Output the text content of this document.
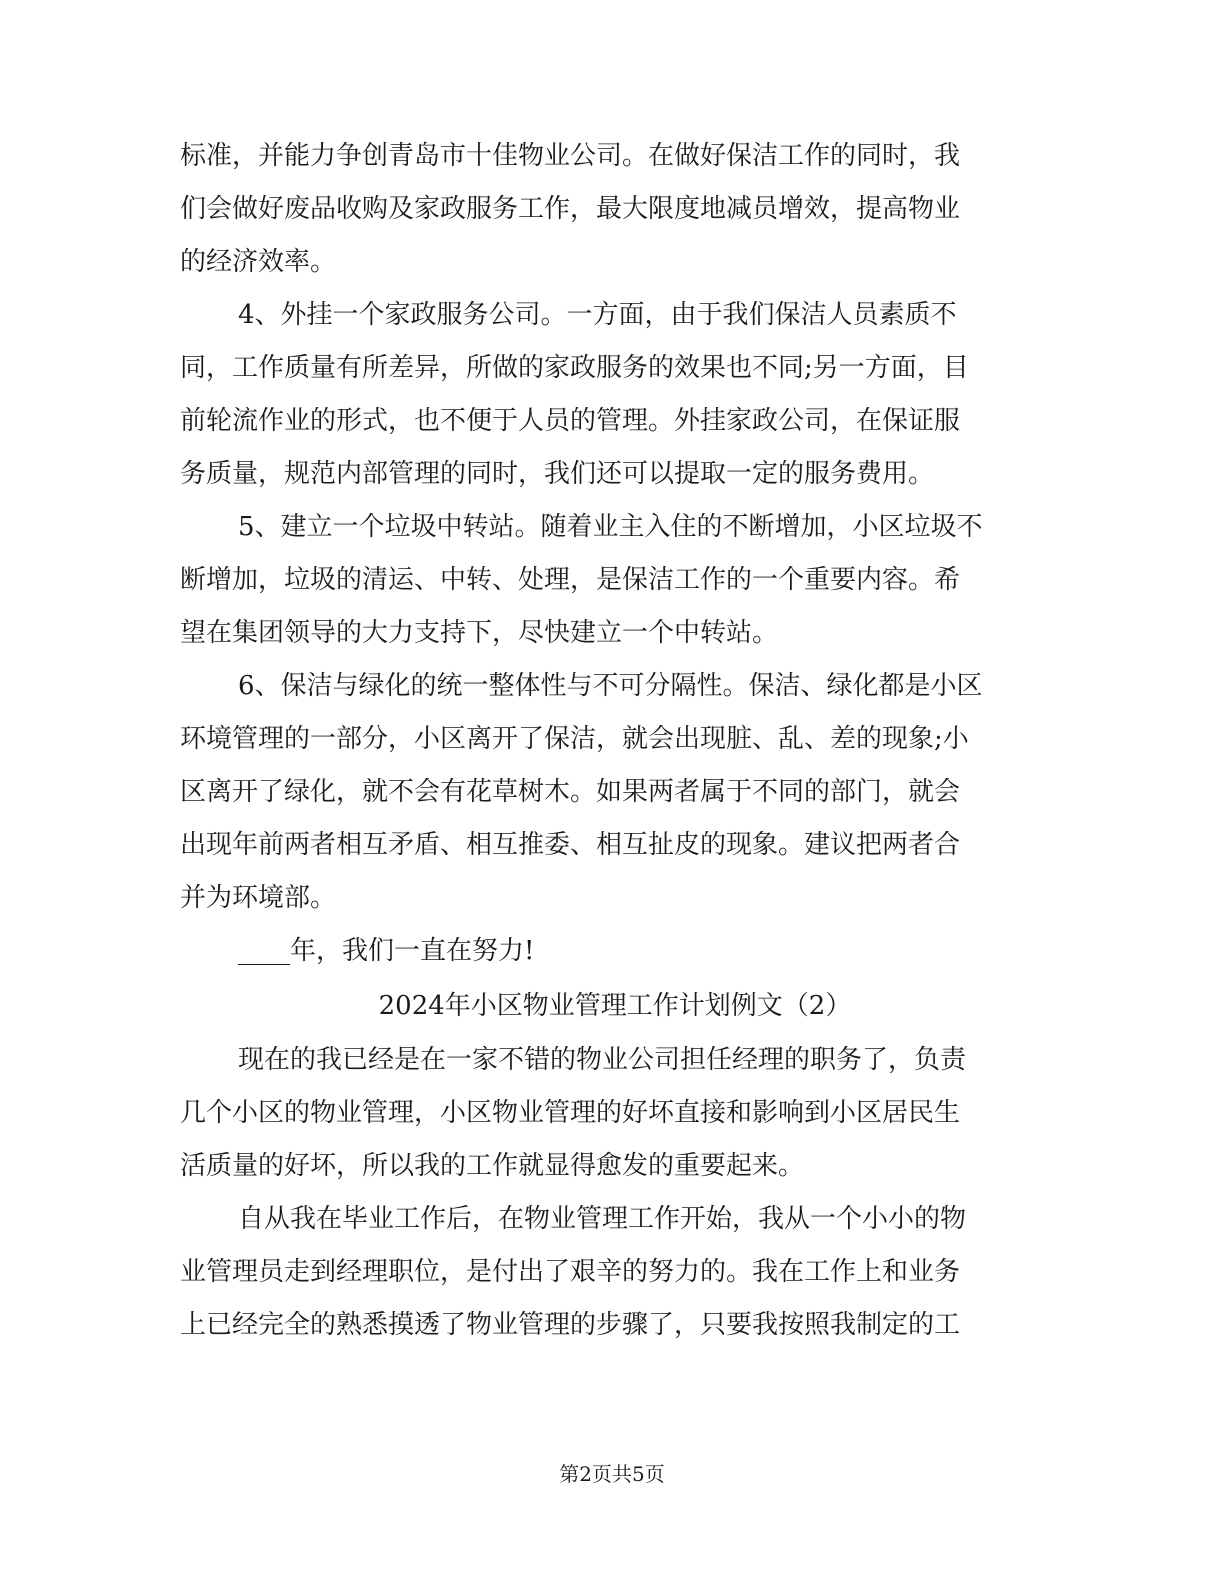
标准，并能力争创青岛市十佳物业公司。在做好保洁工作的同时，我
们会做好废品收购及家政服务工作，最大限度地减员增效，提高物业
的经济效率。
4、外挂一个家政服务公司。一方面，由于我们保洁人员素质不
同，工作质量有所差异，所做的家政服务的效果也不同;另一方面，目
前轮流作业的形式，也不便于人员的管理。外挂家政公司，在保证服
务质量，规范内部管理的同时，我们还可以提取一定的服务费用。
5、建立一个垃圾中转站。随着业主入住的不断增加，小区垃圾不
断增加，垃圾的清运、中转、处理，是保洁工作的一个重要内容。希
望在集团领导的大力支持下，尽快建立一个中转站。
6、保洁与绿化的统一整体性与不可分隔性。保洁、绿化都是小区
环境管理的一部分，小区离开了保洁，就会出现脏、乱、差的现象;小
区离开了绿化，就不会有花草树木。如果两者属于不同的部门，就会
出现年前两者相互矛盾、相互推委、相互扯皮的现象。建议把两者合
并为环境部。
____年，我们一直在努力!
2024年小区物业管理工作计划例文（2）
现在的我已经是在一家不错的物业公司担任经理的职务了，负责
几个小区的物业管理，小区物业管理的好坏直接和影响到小区居民生
活质量的好坏，所以我的工作就显得愈发的重要起来。
自从我在毕业工作后，在物业管理工作开始，我从一个小小的物
业管理员走到经理职位，是付出了艰辛的努力的。我在工作上和业务
上已经完全的熟悉摸透了物业管理的步骤了，只要我按照我制定的工
第2页共5页
